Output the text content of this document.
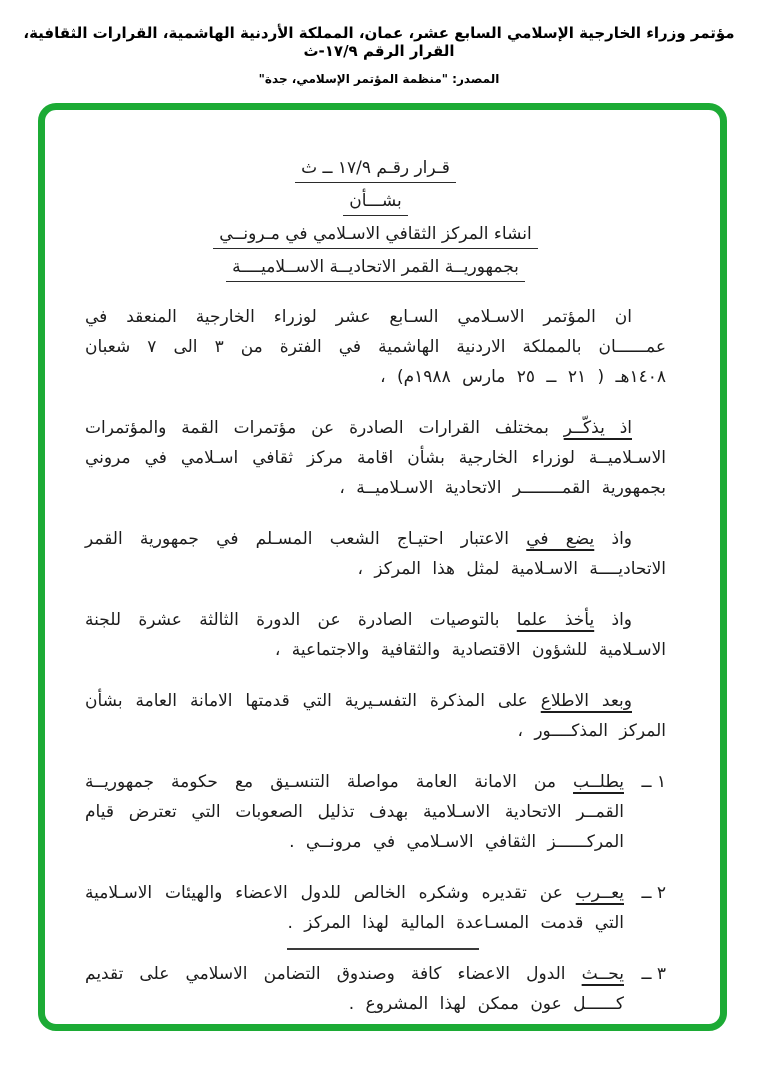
مؤتمر وزراء الخارجية الإسلامي السابع عشر، عمان، المملكة الأردنية الهاشمية، القرارات الثقافية، القرار الرقم ١٧/٩-ث
المصدر: "منظمة المؤتمر الإسلامي، جدة"
قـرار رقـم ١٧/٩ ــ ث
بشـــأن
انشاء المركز الثقافي الاسـلامي في مـرونــي
بجمهوريــة القمر الاتحاديــة الاســلاميــــة

ان المؤتمر الاسـلامي السـابع عشر لوزراء الخارجية المنعقد في عمــــــان بالمملكة الاردنية الهاشمية في الفترة من ٣ الى ٧ شعبان ١٤٠٨هـ ( ٢١ ــ ٢٥ مارس ١٩٨٨م) ،

اذ يذكّــر بمختلف القرارات الصادرة عن مؤتمرات القمة والمؤتمرات الاسـلاميــة لوزراء الخارجية بشأن اقامة مركز ثقافي اسـلامي في مروني بجمهورية القمــــــــر الاتحادية الاسـلاميــة ،

واذ يضع في الاعتبار احتيـاج الشعب المسـلم في جمهورية القمر الاتحاديــــة الاسـلامية لمثل هذا المركز ،

واذ يأخذ علما بالتوصيات الصادرة عن الدورة الثالثة عشرة للجنة الاسـلامية للشؤون الاقتصادية والثقافية والاجتماعية ،

وبعد الاطلاع على المذكرة التفسـيرية التي قدمتها الامانة العامة بشأن المركز المذكــــور ،

١ ــ
يطلــب من الامانة العامة مواصلة التنسـيق مع حكومة جمهوريــة القمــر الاتحادية الاسـلامية بهدف تذليل الصعوبات التي تعترض قيام المركــــــز الثقافي الاسـلامي في مرونــي .
٢ ــ
يعــرب عن تقديره وشكره الخالص للدول الاعضاء والهيئات الاسـلامية التي قدمت المسـاعدة المالية لهذا المركز .
٣ ــ
يحــث الدول الاعضاء كافة وصندوق التضامن الاسلامي على تقديم كــــــل عون ممكن لهذا المشروع .
